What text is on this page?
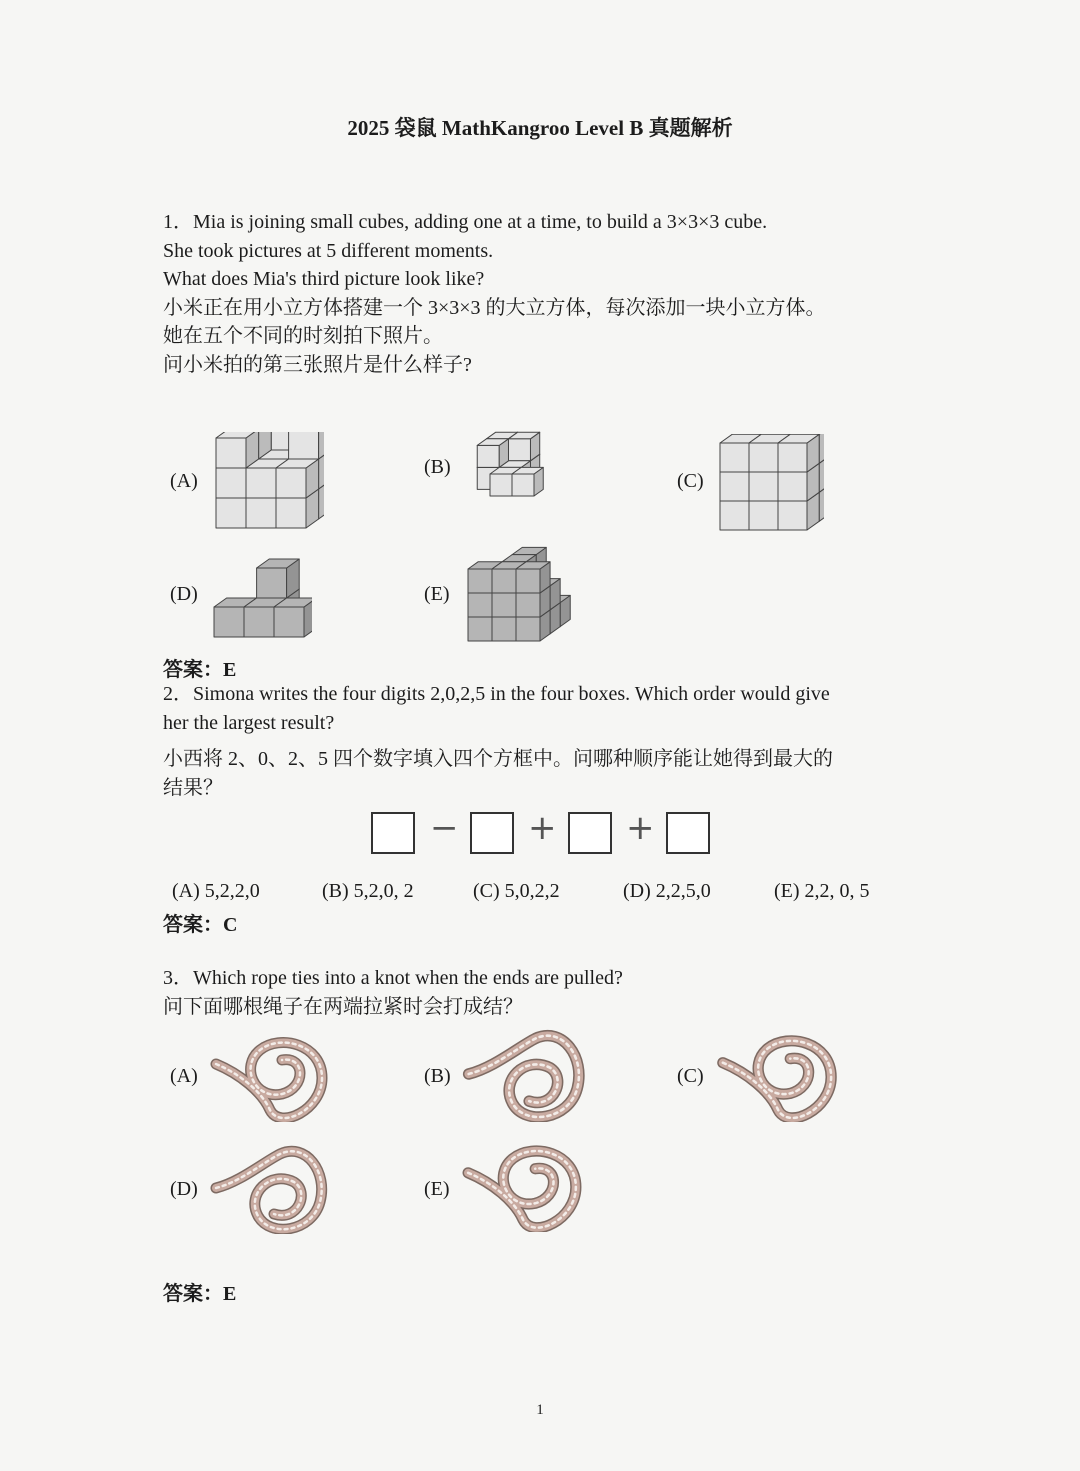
2025 袋鼠 MathKangroo Level B 真题解析
1．Mia is joining small cubes, adding one at a time, to build a 3×3×3 cube.
She took pictures at 5 different moments.
What does Mia's third picture look like?
小米正在用小立方体搭建一个 3×3×3 的大立方体，每次添加一块小立方体。
她在五个不同的时刻拍下照片。
问小米拍的第三张照片是什么样子?
(A)
(B)
(C)
(D)	(E)
答案：E
2．Simona writes the four digits 2,0,2,5 in the four boxes. Which order would give
her the largest result?
小西将 2、0、2、5 四个数字填入四个方框中。问哪种顺序能让她得到最大的
结果？
− + +
(A) 5,2,2,0	(B) 5,2,0, 2	(C) 5,0,2,2	(D) 2,2,5,0	(E) 2,2, 0, 5
答案：C
3．Which rope ties into a knot when the ends are pulled?
问下面哪根绳子在两端拉紧时会打成结？
(A)	(B)	(C)
(D)	(E)
答案：E
1
